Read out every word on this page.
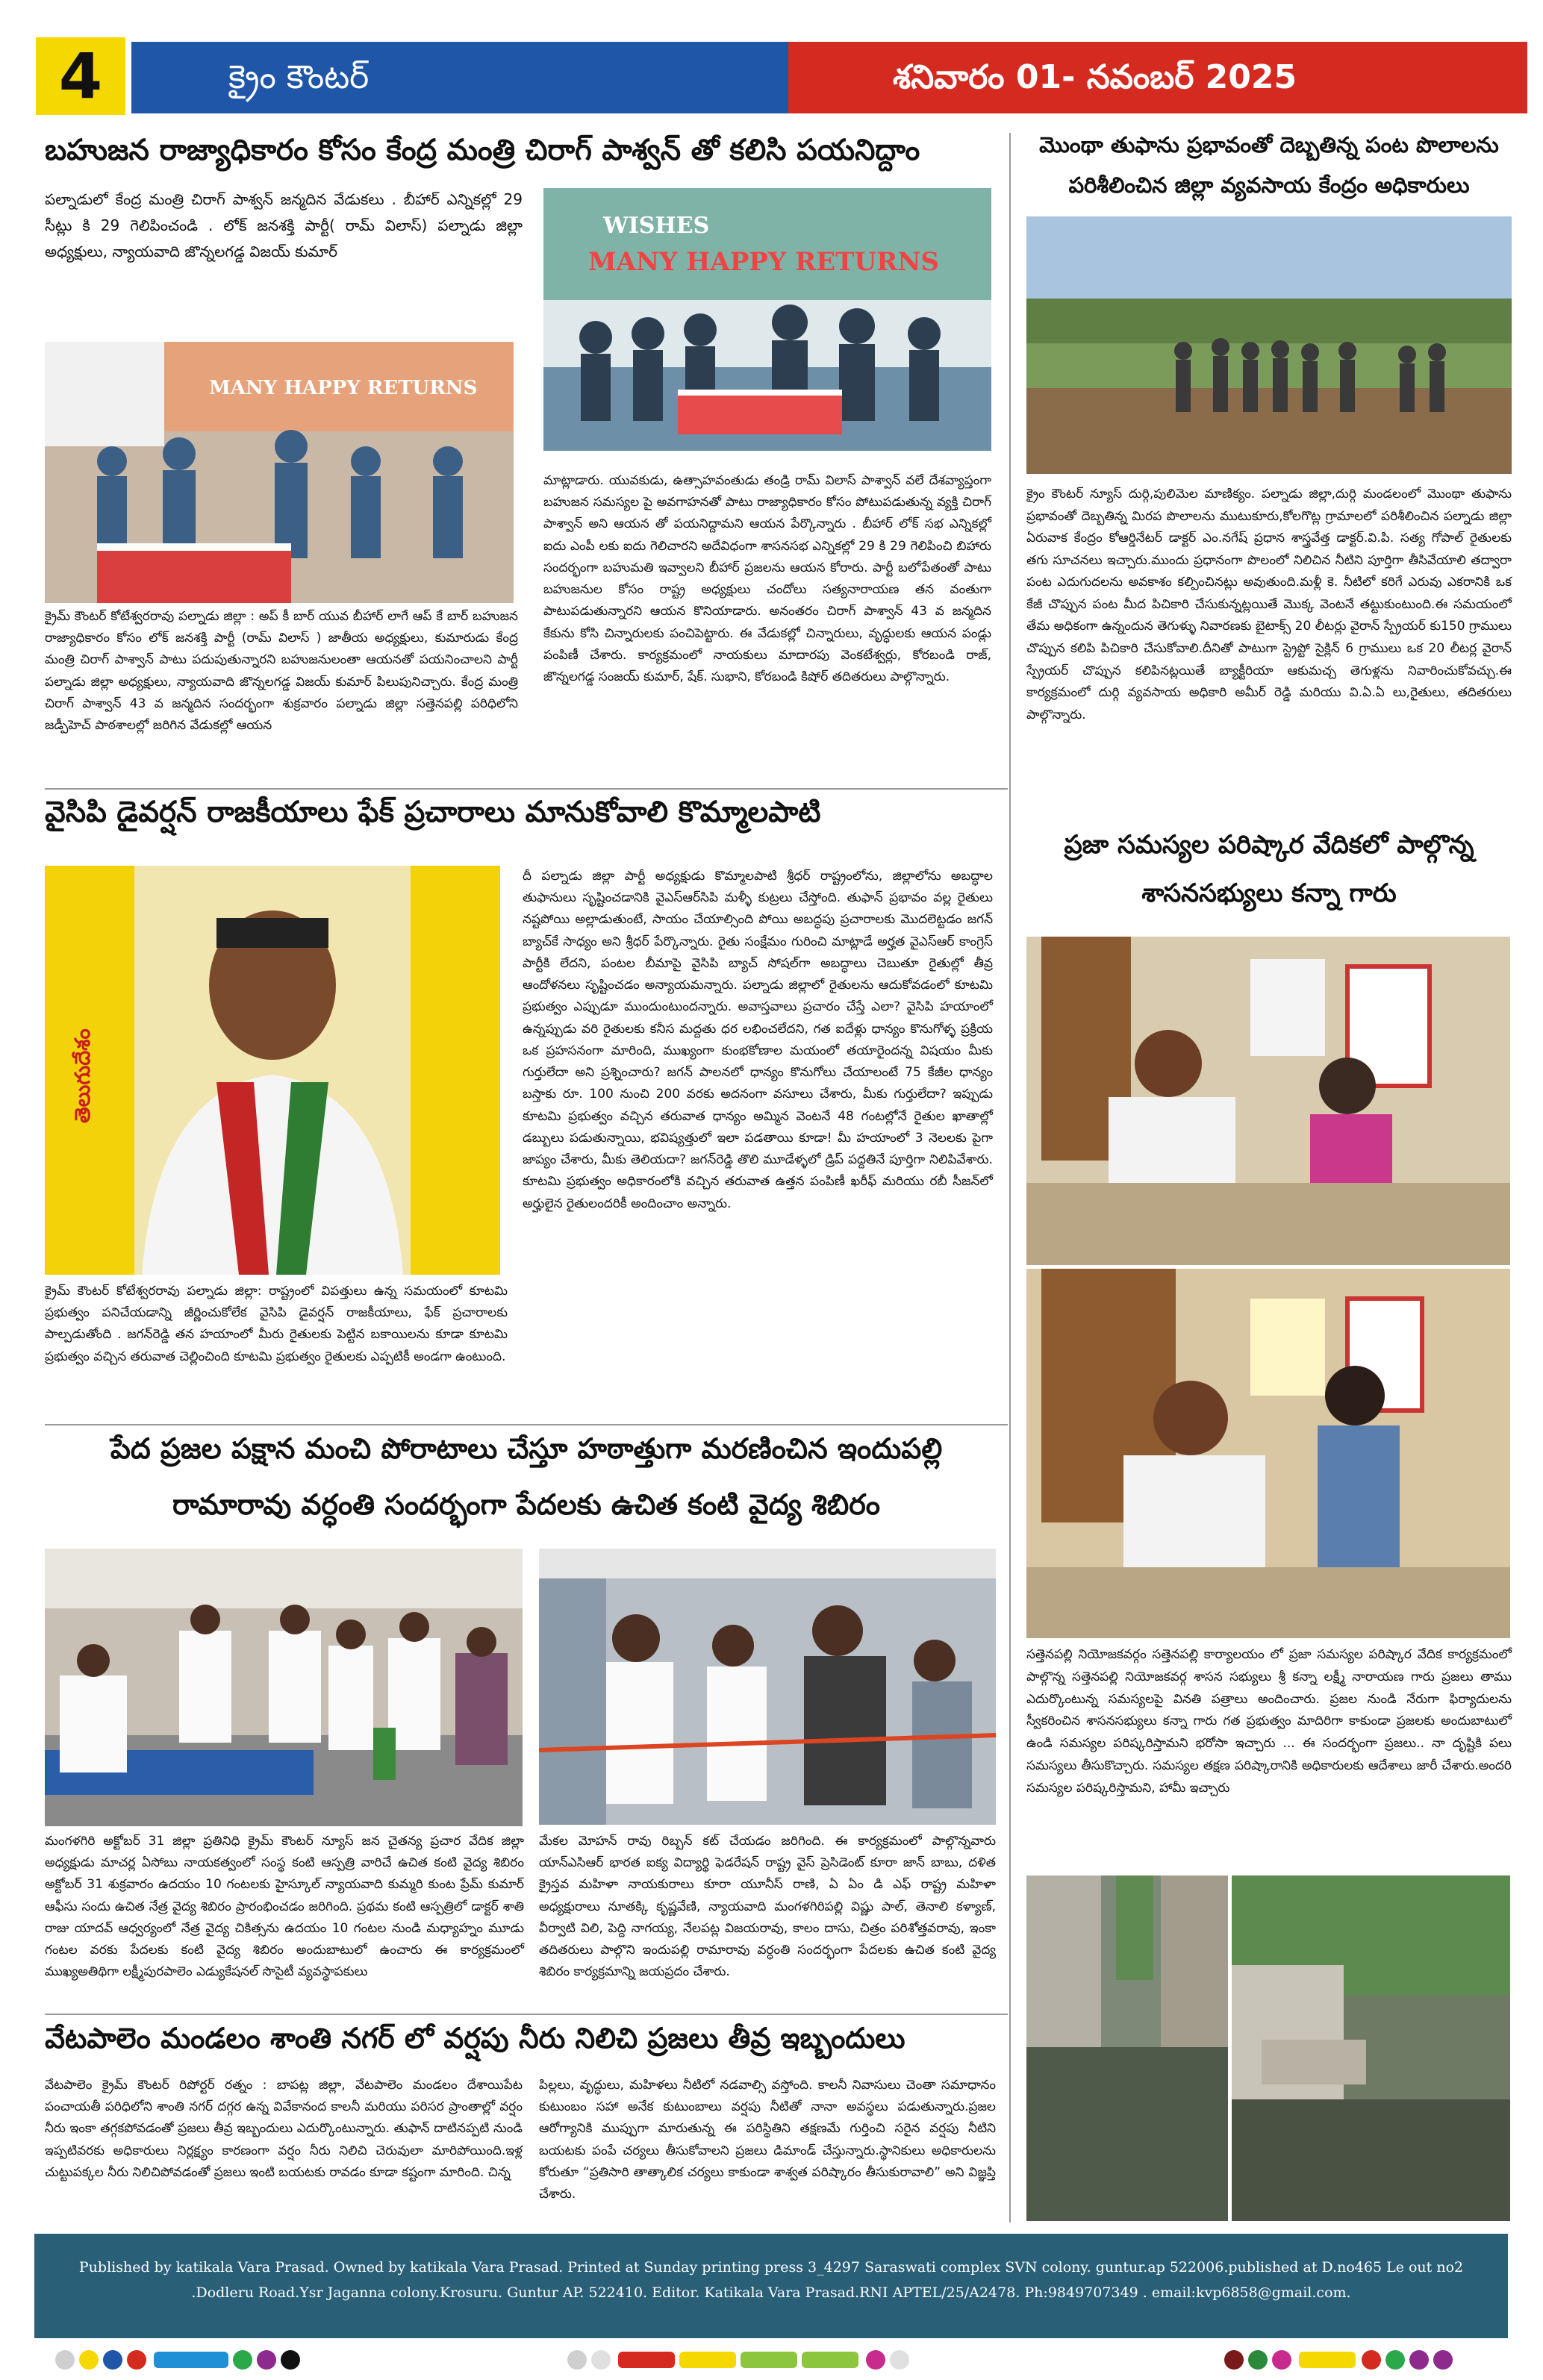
4	క్రైం కౌంటర్	శనివారం 01- నవంబర్ 2025
బహుజన రాజ్యాధికారం కోసం కేంద్ర మంత్రి చిరాగ్ పాశ్వన్ తో కలిసి పయనిద్దాం
పల్నాడులో కేంద్ర మంత్రి చిరాగ్ పాశ్వన్ జన్మదిన వేడుకలు . బీహార్ ఎన్నికల్లో 29 సీట్లు కి 29 గెలిపించండి . లోక్ జనశక్తి పార్టీ( రామ్ విలాస్) పల్నాడు జిల్లా అధ్యక్షులు, న్యాయవాది జొన్నలగడ్డ విజయ్ కుమార్
WISHES
MANY HAPPY RETURNS
MANY HAPPY RETURNS
క్రైమ్ కౌంటర్ కోటేశ్వరరావు పల్నాడు జిల్లా : అప్ కీ బార్ యువ బీహార్ లాగే ఆప్ కే బార్ బహుజన రాజ్యాధికారం కోసం లోక్ జనశక్తి పార్టీ (రామ్ విలాస్ ) జాతీయ అధ్యక్షులు, కుమారుడు కేంద్ర మంత్రి చిరాగ్ పాశ్వాన్ పాటు పదుపుతున్నారని బహుజనులంతా ఆయనతో పయనించాలని పార్టీ పల్నాడు జిల్లా అధ్యక్షులు, న్యాయవాది జొన్నలగడ్డ విజయ్ కుమార్ పిలుపునిచ్చారు. కేంద్ర మంత్రి చిరాగ్ పాశ్వాన్ 43 వ జన్మదిన సందర్భంగా శుక్రవారం పల్నాడు జిల్లా సత్తెనపల్లి పరిధిలోని జడ్పీహెచ్ పాఠశాలల్లో జరిగిన వేడుకల్లో ఆయన
మాట్లాడారు. యువకుడు, ఉత్సాహవంతుడు తండ్రి రామ్ విలాస్ పాశ్వాన్ వలే దేశవ్యాప్తంగా బహుజన సమస్యల పై అవగాహనతో పాటు రాజ్యాధికారం కోసం పోటుపడుతున్న వ్యక్తి చిరాగ్ పాశ్వాన్ అని ఆయన తో పయనిద్దామని ఆయన పేర్కొన్నారు . బీహార్ లోక్ సభ ఎన్నికల్లో ఐదు ఎంపీ లకు ఐదు గెలిచారని అదేవిధంగా శాసనసభ ఎన్నికల్లో 29 కి 29 గెలిపించి బిహారు సందర్భంగా బహుమతి ఇవ్వాలని బీహార్ ప్రజలను ఆయన కోరారు. పార్టీ బలోపేతంతో పాటు బహుజనుల కోసం రాష్ట్ర అధ్యక్షులు చందోలు సత్యనారాయణ తన వంతుగా పాటుపడుతున్నారని ఆయన కొనియాడారు. అనంతరం చిరాగ్ పాశ్వాన్ 43 వ జన్మదిన కేకును కోసి చిన్నారులకు పంచిపెట్టారు. ఈ వేడుకల్లో చిన్నారులు, వృద్ధులకు ఆయన పండ్లు పంపిణీ చేశారు. కార్యక్రమంలో నాయకులు మాదారపు వెంకటేశ్వర్లు, కోరబండి రాజ్, జొన్నలగడ్డ సంజయ్ కుమార్, షేక్. సుభాని, కోరబండి కిషోర్ తదితరులు పాల్గొన్నారు.
మొంథా తుఫాను ప్రభావంతో దెబ్బతిన్న పంట పొలాలను పరిశీలించిన జిల్లా వ్యవసాయ కేంద్రం అధికారులు
క్రైం కౌంటర్ న్యూస్ దుర్గి,పులిమెల మాణిక్యం. పల్నాడు జిల్లా,దుర్గి మండలంలో మొంథా తుఫాను ప్రభావంతో దెబ్బతిన్న మిరప పొలాలను ముటుకూరు,కోలగొట్ల గ్రామాలలో పరిశీలించిన పల్నాడు జిల్లా ఏరువాక కేంద్రం కోఆర్డినేటర్ డాక్టర్ ఎం.నగేష్ ప్రధాన శాస్త్రవేత్త డాక్టర్.వి.పి. సత్య గోపాల్ రైతులకు తగు సూచనలు ఇచ్చారు.ముందు ప్రధానంగా పొలంలో నిలిచిన నీటిని పూర్తిగా తీసివేయాలి తద్వారా పంట ఎదుగుదలను అవకాశం కల్పించినట్లు అవుతుంది.మళ్లీ కె. నీటిలో కరిగే ఎరువు ఎకరానికి ఒక కేజీ చొప్పున పంట మీద పిచికారి చేసుకున్నట్లయితే మొక్క వెంటనే తట్టుకుంటుంది.ఈ సమయంలో తేమ అధికంగా ఉన్నందున తెగుళ్ళు నివారణకు బైటాక్స్ 20 లీటర్లు వైరాన్ స్ప్రేయర్ కు150 గ్రాములు చొప్పున కలిపి పిచికారి చేసుకోవాలి.దీనితో పాటుగా స్ట్రెప్టో సైక్లిన్ 6 గ్రాములు ఒక 20 లీటర్ల వైరాన్ స్ప్రేయర్ చొప్పున కలిపినట్లయితే బ్యాక్టీరియా ఆకుమచ్చ తెగుళ్లను నివారించుకోవచ్చు.ఈ కార్యక్రమంలో దుర్గి వ్యవసాయ అధికారి అమీర్ రెడ్డి మరియు వి.ఏ.ఏ లు,రైతులు, తదితరులు పాల్గొన్నారు.
వైసిపి డైవర్షన్ రాజకీయాలు ఫేక్ ప్రచారాలు మానుకోవాలి కొమ్మాలపాటి
తెలుగుదేశం
క్రైమ్ కౌంటర్ కోటేశ్వరరావు పల్నాడు జిల్లా: రాష్ట్రంలో విపత్తులు ఉన్న సమయంలో కూటమి ప్రభుత్వం పనిచేయడాన్ని జీర్ణించుకోలేక వైసిపి డైవర్షన్ రాజకీయాలు, ఫేక్ ప్రచారాలకు పాల్పడుతోంది . జగన్‌రెడ్డి తన హయాంలో మీరు రైతులకు పెట్టిన బకాయిలను కూడా కూటమి ప్రభుత్వం వచ్చిన తరువాత చెల్లించింది కూటమి ప్రభుత్వం రైతులకు ఎప్పటికీ అండగా ఉంటుంది.
దీ పల్నాడు జిల్లా పార్టీ అధ్యక్షుడు కొమ్మాలపాటి శ్రీధర్ రాష్ట్రంలోను, జిల్లాలోను అబద్ధాల తుఫానులు సృష్టించడానికి వైఎస్ఆర్‌సిపి మళ్ళీ కుట్రలు చేస్తోంది. తుఫాన్ ప్రభావం వల్ల రైతులు నష్టపోయి అల్లాడుతుంటే, సాయం చేయాల్సింది పోయి అబద్ధపు ప్రచారాలకు మొదలెట్టడం జగన్ బ్యాచ్‌కే సాధ్యం అని శ్రీధర్ పేర్కొన్నారు. రైతు సంక్షేమం గురించి మాట్లాడే అర్హత వైఎస్ఆర్ కాంగ్రెస్ పార్టీకి లేదని, పంటల బీమాపై వైసిపి బ్యాచ్ సోషల్‌గా అబద్ధాలు చెబుతూ రైతుల్లో తీవ్ర ఆందోళనలు సృష్టించడం అన్యాయమన్నారు. పల్నాడు జిల్లాలో రైతులను ఆదుకోవడంలో కూటమి ప్రభుత్వం ఎప్పుడూ ముందుంటుందన్నారు. అవాస్తవాలు ప్రచారం చేస్తే ఎలా? వైసిపి హయాంలో ఉన్నప్పుడు వరి రైతులకు కనీస మద్దతు ధర లభించలేదని, గత ఐదేళ్లు ధాన్యం కొనుగోళ్ళ ప్రక్రియ ఒక ప్రహసనంగా మారింది, ముఖ్యంగా కుంభకోణాల మయంలో తయారైందన్న విషయం మీకు గుర్తులేదా అని ప్రశ్నించారు? జగన్ పాలనలో ధాన్యం కొనుగోలు చేయాలంటే 75 కేజీల ధాన్యం బస్తాకు రూ. 100 నుంచి 200 వరకు అదనంగా వసూలు చేశారు, మీకు గుర్తులేదా? ఇప్పుడు కూటమి ప్రభుత్వం వచ్చిన తరువాత ధాన్యం అమ్మిన వెంటనే 48 గంటల్లోనే రైతుల ఖాతాల్లో డబ్బులు పడుతున్నాయి, భవిష్యత్తులో ఇలా పడతాయి కూడా! మీ హయాంలో 3 నెలలకు పైగా జాప్యం చేశారు, మీకు తెలియదా? జగన్‌రెడ్డి తొలి మూడేళ్ళలో డ్రిప్ పద్దతినే పూర్తిగా నిలిపివేశారు. కూటమి ప్రభుత్వం అధికారంలోకి వచ్చిన తరువాత ఉత్తన పంపిణీ ఖరీఫ్ మరియు రబీ సీజన్‌లో అర్హులైన రైతులందరికీ అందించాం అన్నారు.
ప్రజా సమస్యల పరిష్కార వేదికలో పాల్గొన్న శాసనసభ్యులు కన్నా గారు
సత్తెనపల్లి నియోజకవర్గం సత్తెనపల్లి కార్యాలయం లో ప్రజా సమస్యల పరిష్కార వేదిక కార్యక్రమంలో పాల్గొన్న సత్తెనపల్లి నియోజకవర్గ శాసన సభ్యులు శ్రీ కన్నా లక్ష్మీ నారాయణ గారు ప్రజలు తాము ఎదుర్కొంటున్న సమస్యలపై వినతి పత్రాలు అందించారు. ప్రజల నుండి నేరుగా ఫిర్యాదులను స్వీకరించిన శాసనసభ్యులు కన్నా గారు గత ప్రభుత్వం మాదిరిగా కాకుండా ప్రజలకు అందుబాటులో ఉండి సమస్యల పరిష్కరిస్తామని భరోసా ఇచ్చారు ... ఈ సందర్భంగా ప్రజలు.. నా దృష్టికి పలు సమస్యలు తీసుకొచ్చారు. సమస్యల తక్షణ పరిష్కారానికి అధికారులకు ఆదేశాలు జారీ చేశారు.అందరి సమస్యల పరిష్కరిస్తామని, హామీ ఇచ్చారు
పేద ప్రజల పక్షాన మంచి పోరాటాలు చేస్తూ హఠాత్తుగా మరణించిన ఇందుపల్లి
రామారావు వర్ధంతి సందర్భంగా పేదలకు ఉచిత కంటి వైద్య శిబిరం
మంగళగిరి అక్టోబర్ 31 జిల్లా ప్రతినిధి క్రైమ్ కౌంటర్ న్యూస్ జన చైతన్య ప్రచార వేదిక జిల్లా అధ్యక్షుడు మాచర్ల ఏసోబు నాయకత్వంలో సంస్థ కంటి ఆస్పత్రి వారిచే ఉచిత కంటి వైద్య శిబిరం అక్టోబర్ 31 శుక్రవారం ఉదయం 10 గంటలకు హైస్కూల్ న్యాయవాది కుమ్మరి కుంట ప్రేమ్ కుమార్ ఆఫీసు సందు ఉచిత నేత్ర వైద్య శిబిరం ప్రారంభించడం జరిగింది. ప్రథమ కంటి ఆస్పత్రిలో డాక్టర్ శాతి రాజు యాదవ్ ఆధ్వర్యంలో నేత్ర వైద్య చికిత్సను ఉదయం 10 గంటల నుండి మధ్యాహ్నం మూడు గంటల వరకు పేదలకు కంటి వైద్య శిబిరం అందుబాటులో ఉంచారు ఈ కార్యక్రమంలో ముఖ్యఅతిథిగా లక్ష్మీపురపాలెం ఎడ్యుకేషనల్ సొసైటీ వ్యవస్థాపకులు
మేకల మోహన్ రావు రిబ్బన్ కట్ చేయడం జరిగింది. ఈ కార్యక్రమంలో పాల్గొన్నవారు యాన్ఎసిఆర్ భారత ఐక్య విద్యార్థి ఫెడరేషన్ రాష్ట్ర వైస్ ప్రెసిడెంట్ కూరా జాన్ బాబు, దళిత క్రైస్తవ మహిళా నాయకురాలు కూరా యూనీస్ రాణి, ఏ ఏం డి ఎఫ్ రాష్ట్ర మహిళా అధ్యక్షురాలు నూతక్కి కృష్ణవేణి, న్యాయవాది మంగళగిరిపల్లి విష్ణు పాల్, తెనాలి కళ్యాణ్, వీర్వాటి విలి, పెద్ది నాగయ్య, నేలపట్ల విజయరావు, కాలం దాసు, చిత్రం పరిశోత్తవరావు, ఇంకా తదితరులు పాల్గొని ఇందుపల్లి రామారావు వర్ధంతి సందర్భంగా పేదలకు ఉచిత కంటి వైద్య శిబిరం కార్యక్రమాన్ని జయప్రదం చేశారు.
వేటపాలెం మండలం శాంతి నగర్ లో వర్షపు నీరు నిలిచి ప్రజలు తీవ్ర ఇబ్బందులు
వేటపాలెం క్రైమ్ కౌంటర్ రిపోర్టర్ రత్నం : బాపట్ల జిల్లా, వేటపాలెం మండలం దేశాయిపేట పంచాయతీ పరిధిలోని శాంతి నగర్ దగ్గర ఉన్న వివేకానంద కాలనీ మరియు పరిసర ప్రాంతాల్లో వర్షం నీరు ఇంకా తగ్గకపోవడంతో ప్రజలు తీవ్ర ఇబ్బందులు ఎదుర్కొంటున్నారు. తుఫాన్ దాటినప్పటి నుండి ఇప్పటివరకు అధికారులు నిర్లక్ష్యం కారణంగా వర్షం నీరు నిలిచి చెరువులా మారిపోయింది.ఇళ్ల చుట్టుపక్కల నీరు నిలిచిపోవడంతో ప్రజలు ఇంటి బయటకు రావడం కూడా కష్టంగా మారింది. చిన్న
పిల్లలు, వృద్ధులు, మహిళలు నీటిలో నడవాల్సి వస్తోంది. కాలనీ నివాసులు చెంతా సమాధానం కుటుంబం సహా అనేక కుటుంబాలు వర్షపు నీటితో నానా అవస్థలు పడుతున్నారు.ప్రజల ఆరోగ్యానికి ముప్పుగా మారుతున్న ఈ పరిస్థితిని తక్షణమే గుర్తించి సరైన వర్షపు నీటిని బయటకు పంపే చర్యలు తీసుకోవాలని ప్రజలు డిమాండ్ చేస్తున్నారు.స్థానికులు అధికారులను కోరుతూ “ప్రతిసారి తాత్కాలిక చర్యలు కాకుండా శాశ్వత పరిష్కారం తీసుకురావాలి” అని విజ్ఞప్తి చేశారు.
Published by katikala Vara Prasad. Owned by katikala Vara Prasad. Printed at Sunday printing press 3_4297 Saraswati complex SVN colony. guntur.ap 522006.published at D.no465 Le out no2
.Dodleru Road.Ysr Jaganna colony.Krosuru. Guntur AP. 522410. Editor. Katikala Vara Prasad.RNI APTEL/25/A2478. Ph:9849707349 . email:kvp6858@gmail.com.
